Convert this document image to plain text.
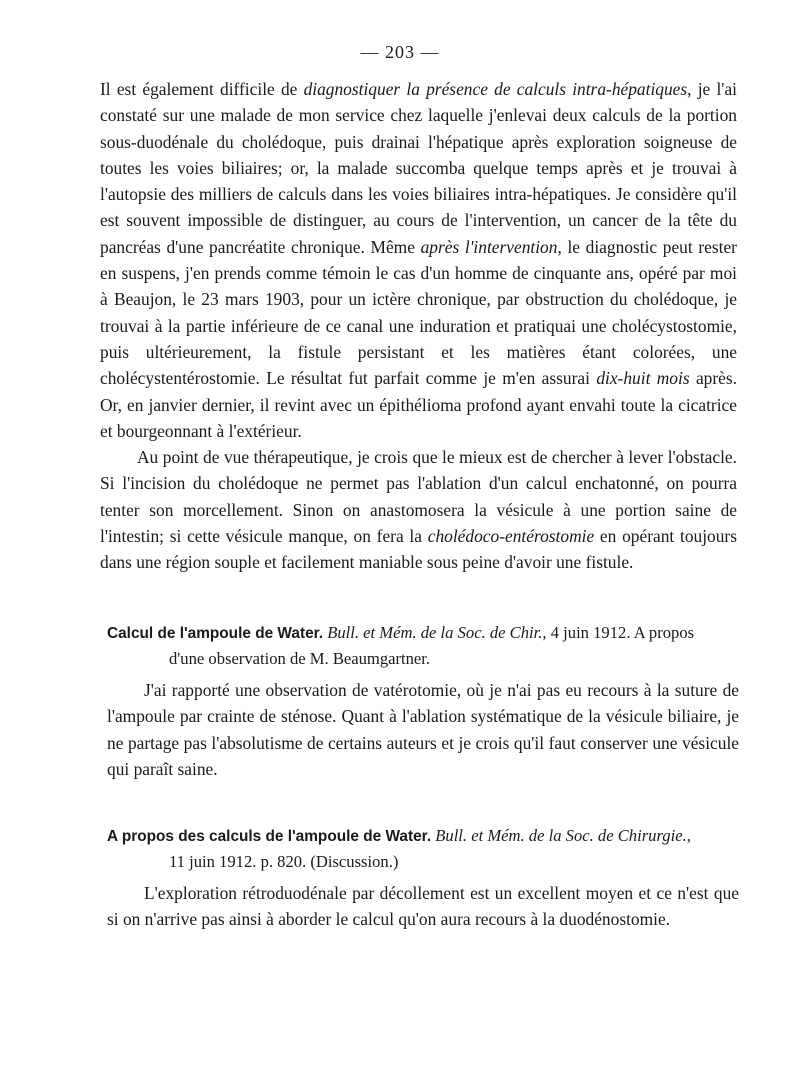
— 203 —

Il est également difficile de diagnostiquer la présence de calculs intra-hépatiques, je l'ai constaté sur une malade de mon service chez laquelle j'enlevai deux calculs de la portion sous-duodénale du cholédoque, puis drainai l'hépatique après exploration soigneuse de toutes les voies biliaires; or, la malade succomba quelque temps après et je trouvai à l'autopsie des milliers de calculs dans les voies biliaires intra-hépatiques. Je considère qu'il est souvent impossible de distinguer, au cours de l'intervention, un cancer de la tête du pancréas d'une pancréatite chronique. Même après l'intervention, le diagnostic peut rester en suspens, j'en prends comme témoin le cas d'un homme de cinquante ans, opéré par moi à Beaujon, le 23 mars 1903, pour un ictère chronique, par obstruction du cholédoque, je trouvai à la partie inférieure de ce canal une induration et pratiquai une cholécystostomie, puis ultérieurement, la fistule persistant et les matières étant colorées, une cholécystentérostomie. Le résultat fut parfait comme je m'en assurai dix-huit mois après. Or, en janvier dernier, il revint avec un épithélioma profond ayant envahi toute la cicatrice et bourgeonnant à l'extérieur.

Au point de vue thérapeutique, je crois que le mieux est de chercher à lever l'obstacle. Si l'incision du cholédoque ne permet pas l'ablation d'un calcul enchatonné, on pourra tenter son morcellement. Sinon on anastomosera la vésicule à une portion saine de l'intestin; si cette vésicule manque, on fera la cholédoco-entérostomie en opérant toujours dans une région souple et facilement maniable sous peine d'avoir une fistule.

Calcul de l'ampoule de Water. Bull. et Mém. de la Soc. de Chir., 4 juin 1912. A propos
d'une observation de M. Beaumgartner.

J'ai rapporté une observation de vatérotomie, où je n'ai pas eu recours à la suture de l'ampoule par crainte de sténose. Quant à l'ablation systématique de la vésicule biliaire, je ne partage pas l'absolutisme de certains auteurs et je crois qu'il faut conserver une vésicule qui paraît saine.

A propos des calculs de l'ampoule de Water. Bull. et Mém. de la Soc. de Chirurgie.,
11 juin 1912. p. 820. (Discussion.)

L'exploration rétroduodénale par décollement est un excellent moyen et ce n'est que si on n'arrive pas ainsi à aborder le calcul qu'on aura recours à la duodénostomie.
